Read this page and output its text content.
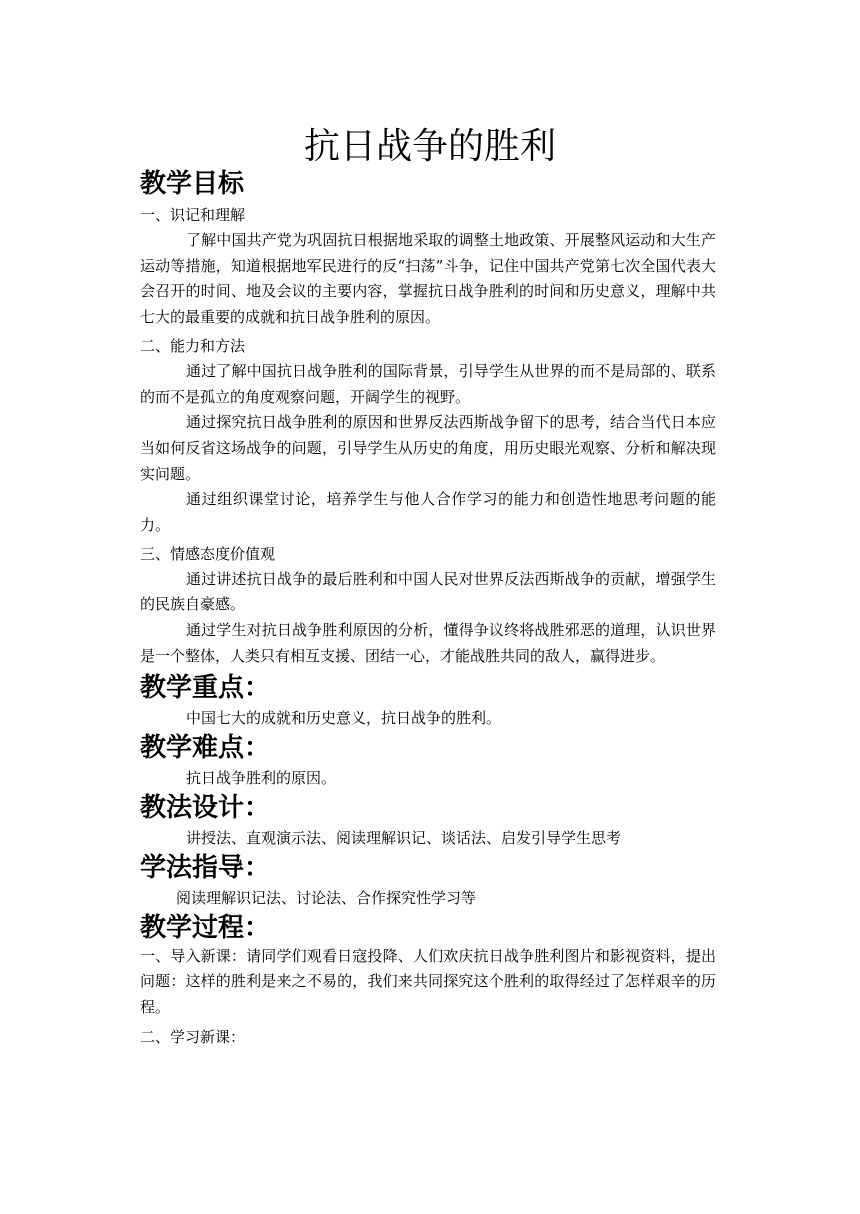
抗日战争的胜利
教学目标
一、识记和理解

了解中国共产党为巩固抗日根据地采取的调整土地政策、开展整风运动和大生产运动等措施，知道根据地军民进行的反“扫荡”斗争，记住中国共产党第七次全国代表大会召开的时间、地及会议的主要内容，掌握抗日战争胜利的时间和历史意义，理解中共七大的最重要的成就和抗日战争胜利的原因。

二、能力和方法

通过了解中国抗日战争胜利的国际背景，引导学生从世界的而不是局部的、联系的而不是孤立的角度观察问题，开阔学生的视野。

通过探究抗日战争胜利的原因和世界反法西斯战争留下的思考，结合当代日本应当如何反省这场战争的问题，引导学生从历史的角度，用历史眼光观察、分析和解决现实问题。

通过组织课堂讨论，培养学生与他人合作学习的能力和创造性地思考问题的能力。

三、情感态度价值观

通过讲述抗日战争的最后胜利和中国人民对世界反法西斯战争的贡献，增强学生的民族自豪感。

通过学生对抗日战争胜利原因的分析，懂得争议终将战胜邪恶的道理，认识世界是一个整体，人类只有相互支援、团结一心，才能战胜共同的敌人，赢得进步。

教学重点：
中国七大的成就和历史意义，抗日战争的胜利。
教学难点：
抗日战争胜利的原因。
教法设计：
讲授法、直观演示法、阅读理解识记、谈话法、启发引导学生思考
学法指导：
阅读理解识记法、讨论法、合作探究性学习等
教学过程：

一、导入新课：请同学们观看日寇投降、人们欢庆抗日战争胜利图片和影视资料，提出问题：这样的胜利是来之不易的，我们来共同探究这个胜利的取得经过了怎样艰辛的历程。

二、学习新课：
